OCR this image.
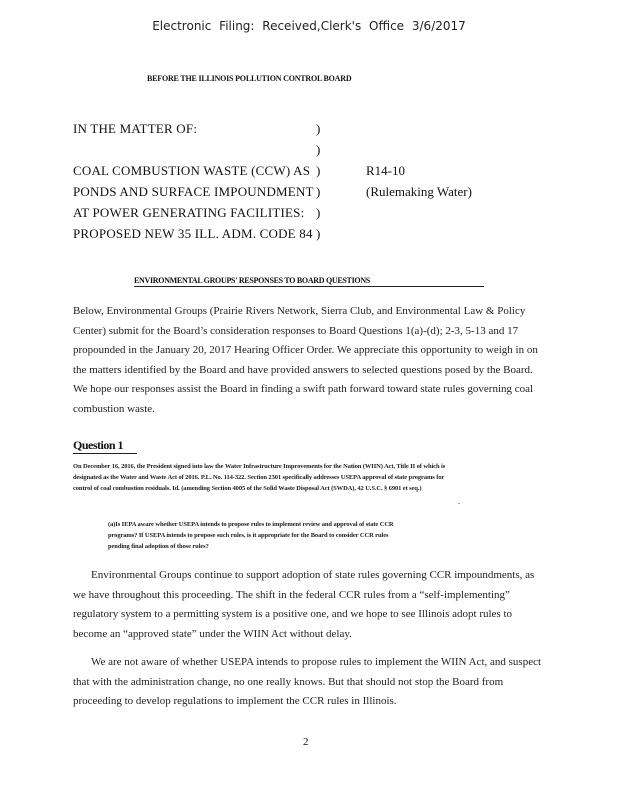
Electronic Filing: Received,Clerk's Office 3/6/2017
BEFORE THE ILLINOIS POLLUTION CONTROL BOARD
IN THE MATTER OF:
COAL COMBUSTION WASTE (CCW) AS
PONDS AND SURFACE IMPOUNDMENT
AT POWER GENERATING FACILITIES:
PROPOSED NEW 35 ILL. ADM. CODE 84
)
)
)
)
)
)
R14-10
(Rulemaking Water)
ENVIRONMENTAL GROUPS' RESPONSES TO BOARD QUESTIONS
Below, Environmental Groups (Prairie Rivers Network, Sierra Club, and Environmental Law & Policy Center) submit for the Board’s consideration responses to Board Questions 1(a)-(d); 2-3, 5-13 and 17 propounded in the January 20, 2017 Hearing Officer Order. We appreciate this opportunity to weigh in on the matters identified by the Board and have provided answers to selected questions posed by the Board. We hope our responses assist the Board in finding a swift path forward toward state rules governing coal combustion waste.
Question 1
On December 16, 2016, the President signed into law the Water Infrastructure Improvements for the Nation (WIIN) Act, Title II of which is designated as the Water and Waste Act of 2016. P.L. No. 114-322. Section 2301 specifically addresses USEPA approval of state programs for control of coal combustion residuals. Id. (amending Section 4005 of the Solid Waste Disposal Act (SWDA), 42 U.S.C. § 6901 et seq.)
.
(a)Is IEPA aware whether USEPA intends to propose rules to implement review and approval of state CCR programs? If USEPA intends to propose such rules, is it appropriate for the Board to consider CCR rules pending final adoption of those rules?
Environmental Groups continue to support adoption of state rules governing CCR impoundments, as we have throughout this proceeding. The shift in the federal CCR rules from a “self-implementing” regulatory system to a permitting system is a positive one, and we hope to see Illinois adopt rules to become an “approved state” under the WIIN Act without delay.
We are not aware of whether USEPA intends to propose rules to implement the WIIN Act, and suspect that with the administration change, no one really knows. But that should not stop the Board from proceeding to develop regulations to implement the CCR rules in Illinois.
2
